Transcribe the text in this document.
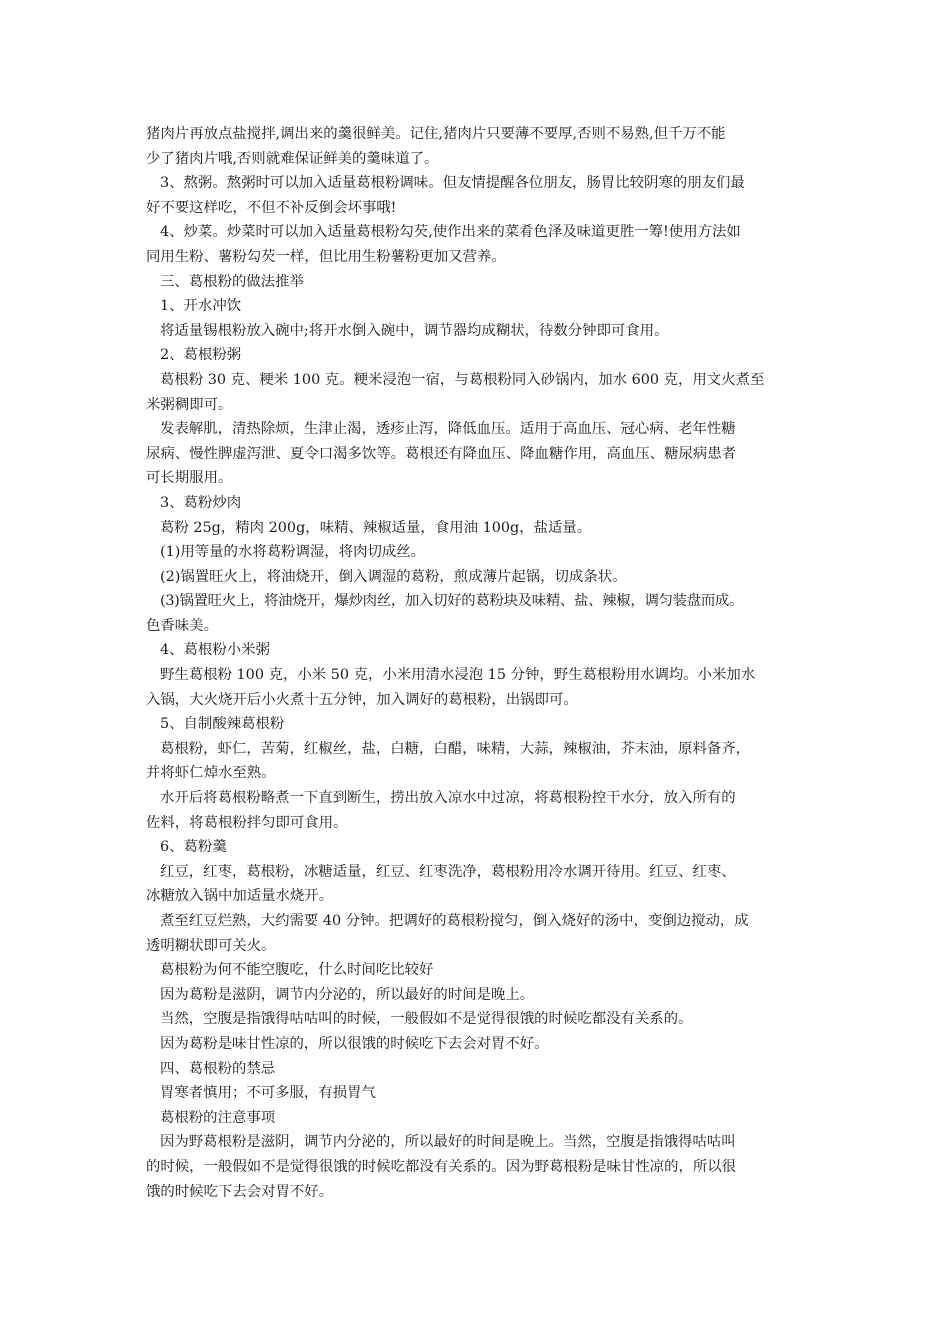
猪肉片再放点盐搅拌,调出来的羹很鲜美。记住,猪肉片只要薄不要厚,否则不易熟,但千万不能
少了猪肉片哦,否则就难保证鲜美的羹味道了。
3、熬粥。熬粥时可以加入适量葛根粉调味。但友情提醒各位朋友，肠胃比较阴寒的朋友们最
好不要这样吃，不但不补反倒会坏事哦!
4、炒菜。炒菜时可以加入适量葛根粉勾芡,使作出来的菜肴色泽及味道更胜一筹!使用方法如
同用生粉、薯粉勾芡一样，但比用生粉薯粉更加又营养。
三、葛根粉的做法推举
1、开水冲饮
将适量锡根粉放入碗中;将开水倒入碗中，调节器均成糊状，待数分钟即可食用。
2、葛根粉粥
葛根粉 30 克、粳米 100 克。粳米浸泡一宿，与葛根粉同入砂锅内，加水 600 克，用文火煮至
米粥稠即可。
发表解肌，清热除烦，生津止渴，透疹止泻，降低血压。适用于高血压、冠心病、老年性糖
尿病、慢性脾虚泻泄、夏令口渴多饮等。葛根还有降血压、降血糖作用，高血压、糖尿病患者
可长期服用。
3、葛粉炒肉
葛粉 25g，精肉 200g，味精、辣椒适量，食用油 100g，盐适量。
(1)用等量的水将葛粉调湿，将肉切成丝。
(2)锅置旺火上，将油烧开，倒入调湿的葛粉，煎成薄片起锅，切成条状。
(3)锅置旺火上，将油烧开，爆炒肉丝，加入切好的葛粉块及味精、盐、辣椒，调匀装盘而成。
色香味美。
4、葛根粉小米粥
野生葛根粉 100 克，小米 50 克，小米用清水浸泡 15 分钟，野生葛根粉用水调均。小米加水
入锅，大火烧开后小火煮十五分钟，加入调好的葛根粉，出锅即可。
5、自制酸辣葛根粉
葛根粉，虾仁，苦菊，红椒丝，盐，白糖，白醋，味精，大蒜，辣椒油，芥末油，原料备齐，
并将虾仁焯水至熟。
水开后将葛根粉略煮一下直到断生，捞出放入凉水中过凉，将葛根粉控干水分，放入所有的
佐料，将葛根粉拌匀即可食用。
6、葛粉羹
红豆，红枣，葛根粉，冰糖适量，红豆、红枣洗净，葛根粉用冷水调开待用。红豆、红枣、
冰糖放入锅中加适量水烧开。
煮至红豆烂熟，大约需要 40 分钟。把调好的葛根粉搅匀，倒入烧好的汤中，变倒边搅动，成
透明糊状即可关火。
葛根粉为何不能空腹吃，什么时间吃比较好
因为葛粉是滋阴，调节内分泌的，所以最好的时间是晚上。
当然，空腹是指饿得咕咕叫的时候，一般假如不是觉得很饿的时候吃都没有关系的。
因为葛粉是味甘性凉的，所以很饿的时候吃下去会对胃不好。
四、葛根粉的禁忌
胃寒者慎用；不可多服，有损胃气
葛根粉的注意事项
因为野葛根粉是滋阴，调节内分泌的，所以最好的时间是晚上。当然，空腹是指饿得咕咕叫
的时候，一般假如不是觉得很饿的时候吃都没有关系的。因为野葛根粉是味甘性凉的，所以很
饿的时候吃下去会对胃不好。
